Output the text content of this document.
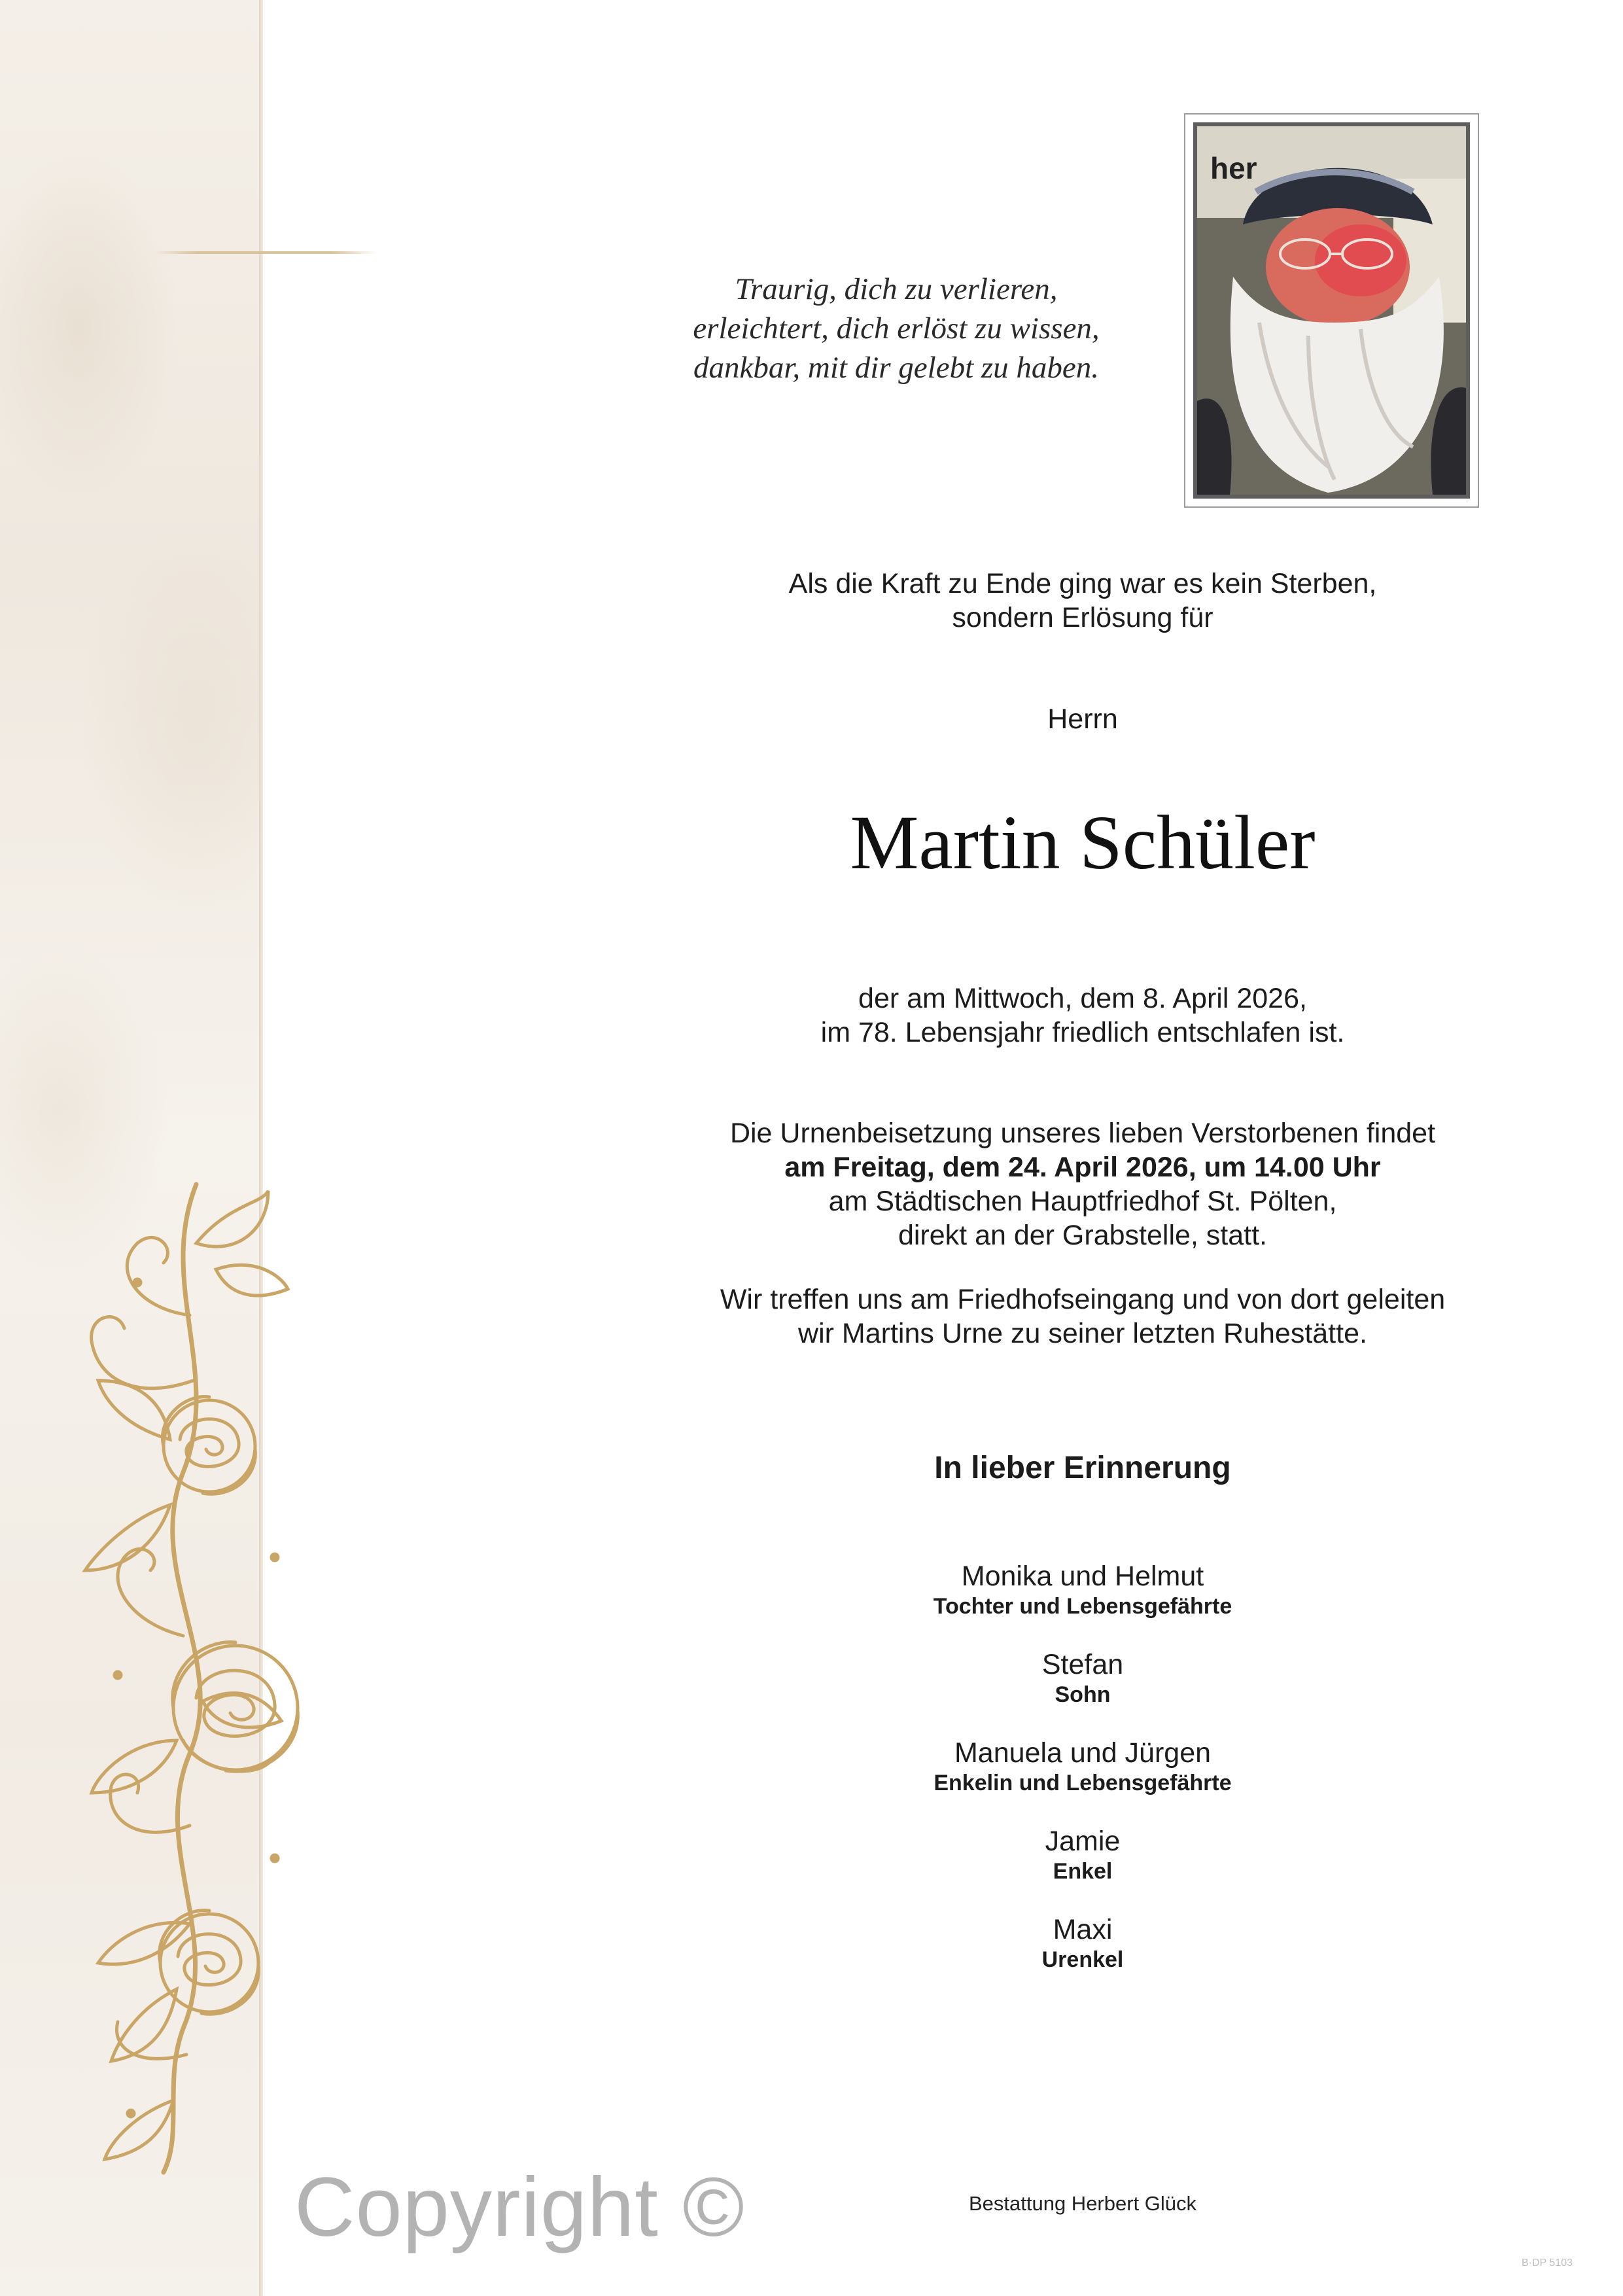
Copyright ©
her
Traurig, dich zu verlieren,
erleichtert, dich erlöst zu wissen,
dankbar, mit dir gelebt zu haben.
Als die Kraft zu Ende ging war es kein Sterben,
sondern Erlösung für
Herrn
Martin Schüler
der am Mittwoch, dem 8. April 2026,
im 78. Lebensjahr friedlich entschlafen ist.
Die Urnenbeisetzung unseres lieben Verstorbenen findet
am Freitag, dem 24. April 2026, um 14.00 Uhr
am Städtischen Hauptfriedhof St. Pölten,
direkt an der Grabstelle, statt.
Wir treffen uns am Friedhofseingang und von dort geleiten
wir Martins Urne zu seiner letzten Ruhestätte.
In lieber Erinnerung
Monika und Helmut
Tochter und Lebensgefährte
Stefan
Sohn
Manuela und Jürgen
Enkelin und Lebensgefährte
Jamie
Enkel
Maxi
Urenkel
Bestattung Herbert Glück
B·DP 5103
